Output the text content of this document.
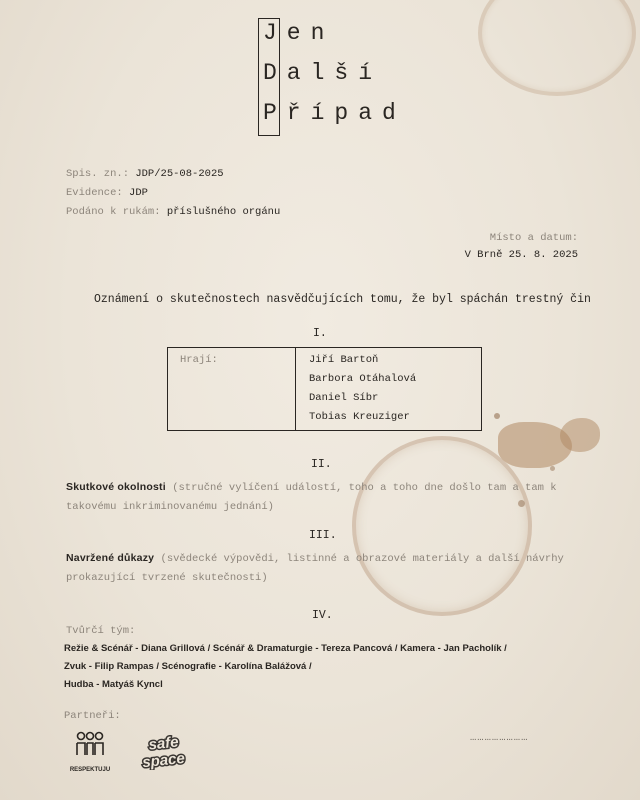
Jen
Další
Případ
Spis. zn.: JDP/25-08-2025
Evidence: JDP
Podáno k rukám: příslušného orgánu
Místo a datum:
V Brně 25. 8. 2025
Oznámení o skutečnostech nasvědčujících tomu, že byl spáchán trestný čin
I.
Hrají:	Jiří Bartoň
Barbora Otáhalová
Daniel Síbr
Tobias Kreuziger
II.
Skutkové okolnosti (stručné vylíčení událostí, toho a toho dne došlo tam a tam k
takovému inkriminovanému jednání)
III.
Navržené důkazy (svědecké výpovědi, listinné a obrazové materiály a další návrhy
prokazující tvrzené skutečnosti)
IV.
Tvůrčí tým:
Režie & Scénář - Diana Grillová / Scénář & Dramaturgie - Tereza Pancová / Kamera - Jan Pacholík /
Zvuk - Filip Rampas / Scénografie - Karolína Balážová /
Hudba - Matyáš Kyncl
Partneři:
RESPEKTUJU
safe
space
……………………
